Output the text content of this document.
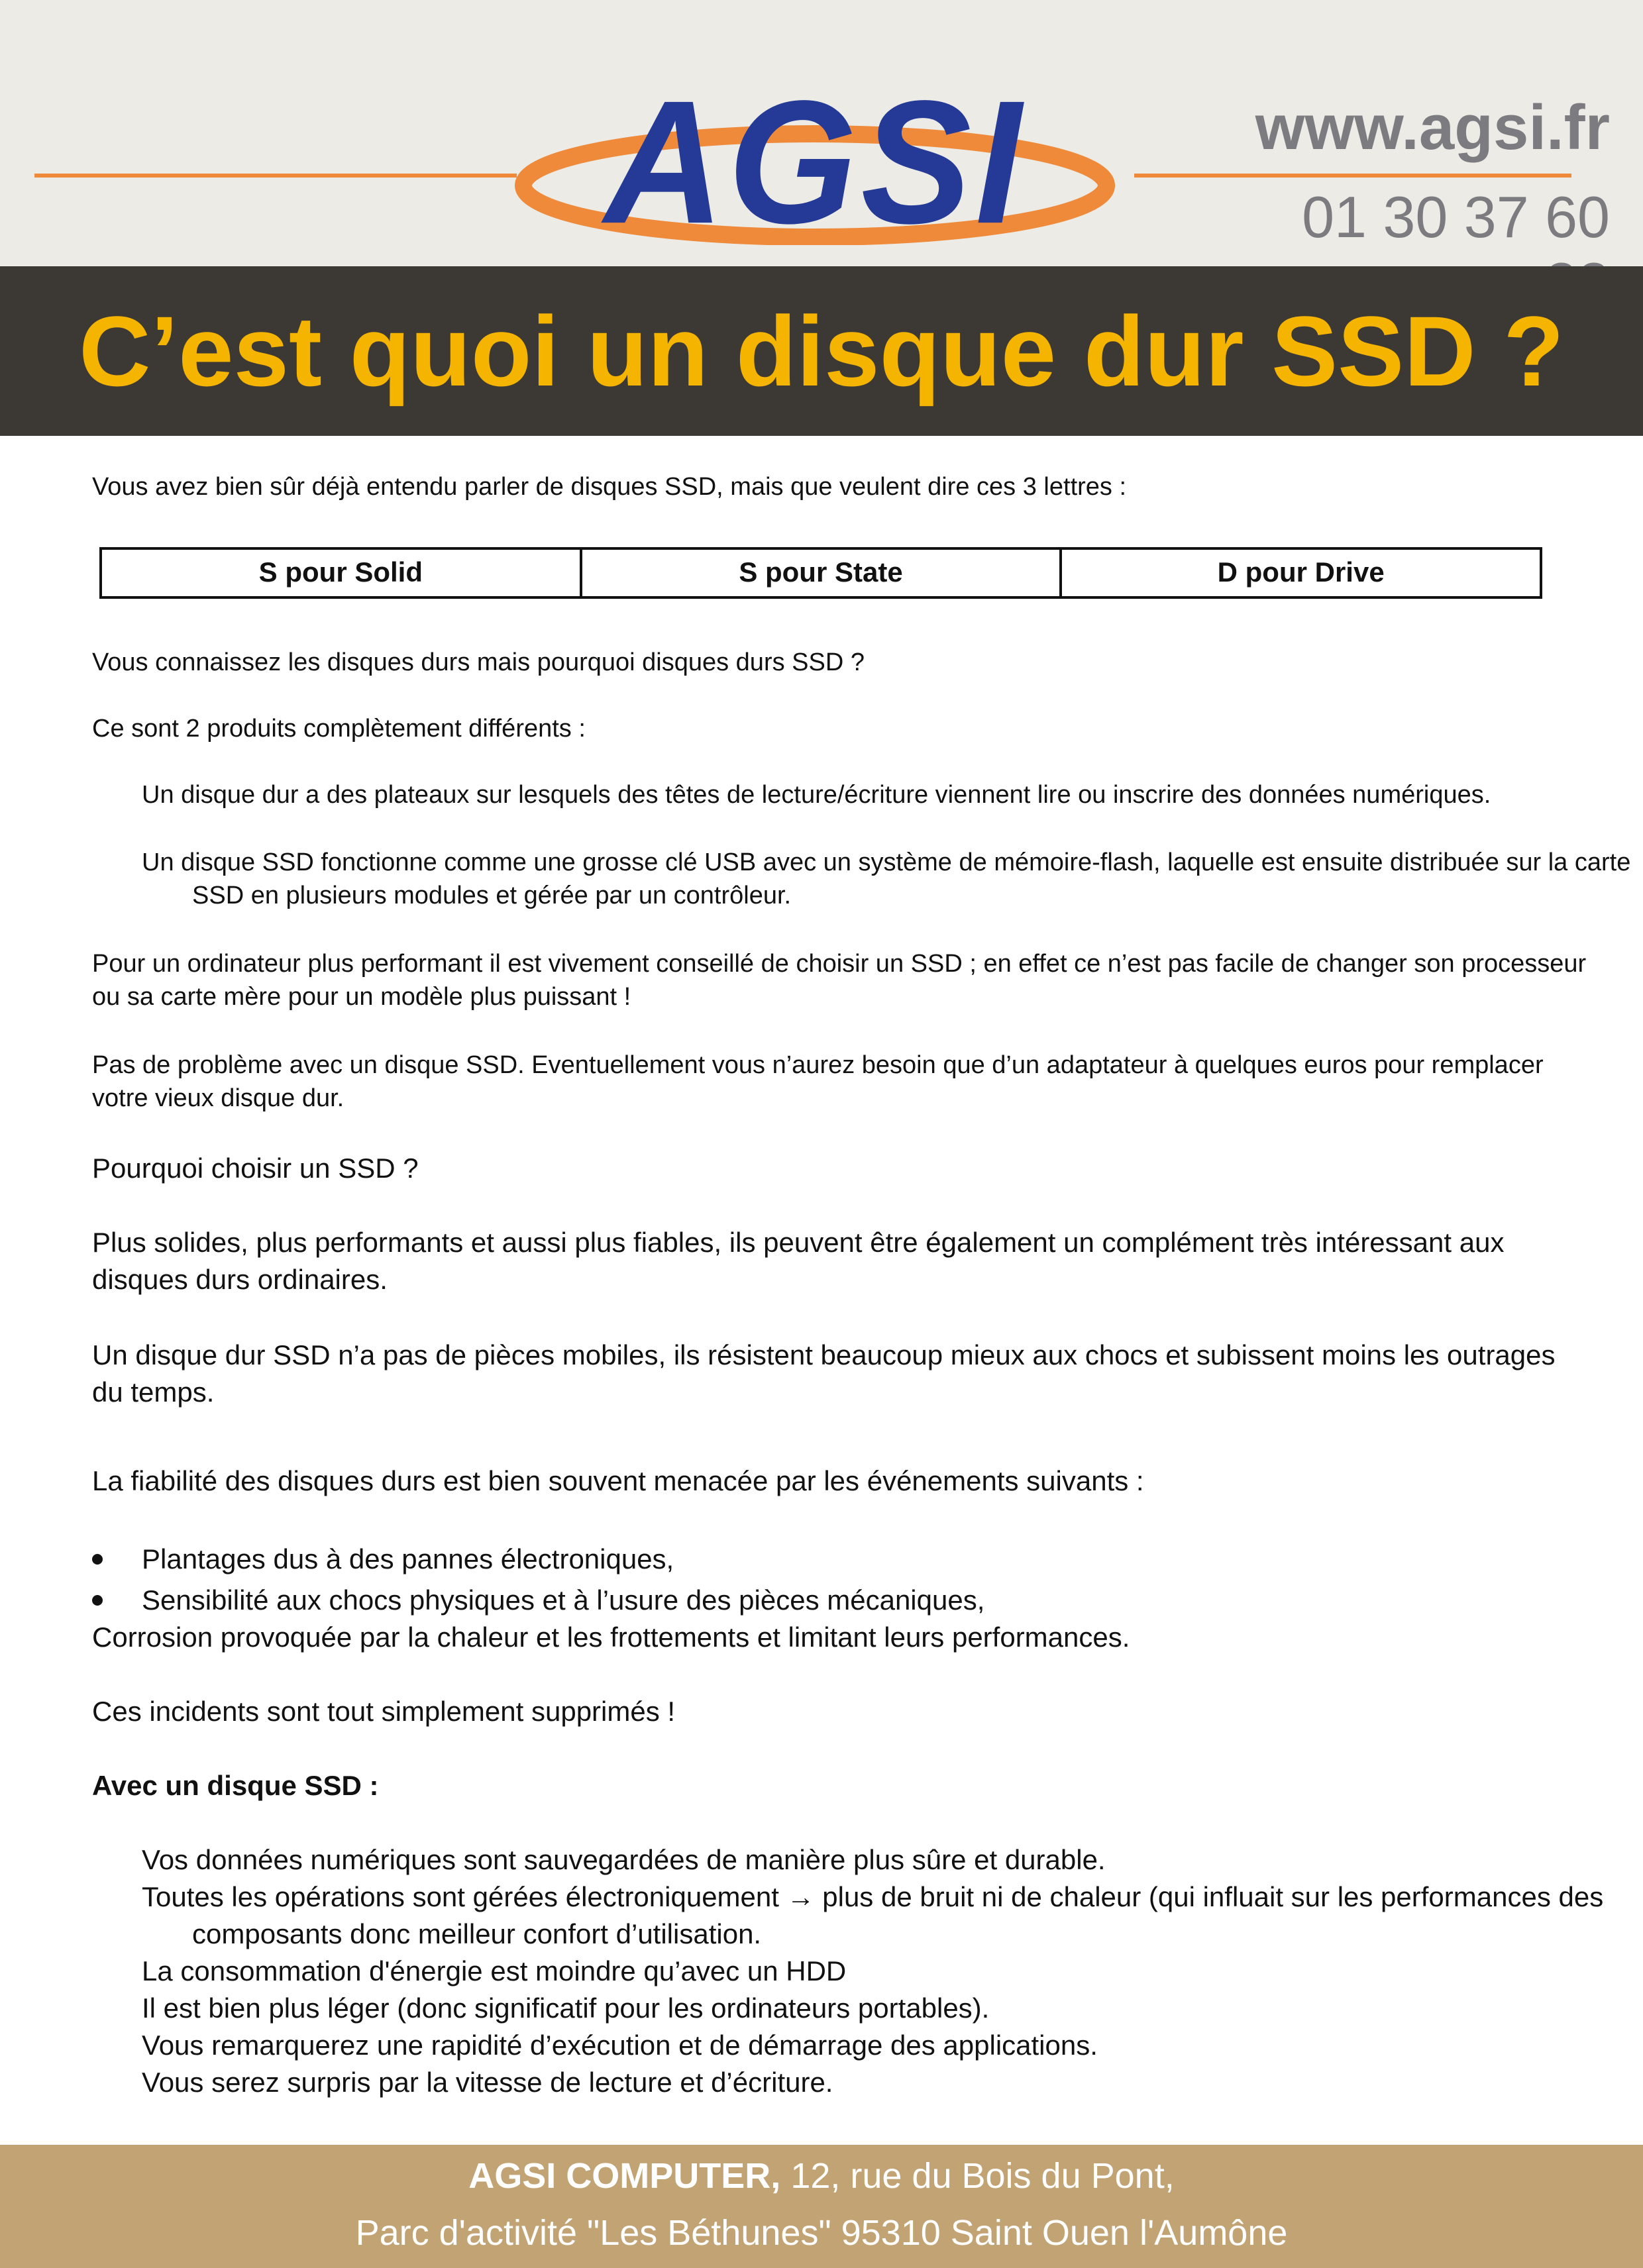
AGSI	www.agsi.fr
01 30 37 60
C’est quoi un disque dur SSD ?

Vous avez bien sûr déjà entendu parler de disques SSD, mais que veulent dire ces 3 lettres :

S pour Solid	S pour State	D pour Drive

Vous connaissez les disques durs mais pourquoi disques durs SSD ?

Ce sont 2 produits complètement différents :

Un disque dur a des plateaux sur lesquels des têtes de lecture/écriture viennent lire ou inscrire des données numériques.

Un disque SSD fonctionne comme une grosse clé USB avec un système de mémoire-flash, laquelle est ensuite distribuée sur la carte SSD en plusieurs modules et gérée par un contrôleur.

Pour un ordinateur plus performant il est vivement conseillé de choisir un SSD ; en effet ce n’est pas facile de changer son processeur ou sa carte mère pour un modèle plus puissant !

Pas de problème avec un disque SSD. Eventuellement vous n’aurez besoin que d’un adaptateur à quelques euros pour remplacer votre vieux disque dur.

Pourquoi choisir un SSD ?

Plus solides, plus performants et aussi plus fiables, ils peuvent être également un complément très intéressant aux disques durs ordinaires.

Un disque dur SSD n’a pas de pièces mobiles, ils résistent beaucoup mieux aux chocs et subissent moins les outrages du temps.

La fiabilité des disques durs est bien souvent menacée par les événements suivants :

Plantages dus à des pannes électroniques,
Sensibilité aux chocs physiques et à l’usure des pièces mécaniques,

Corrosion provoquée par la chaleur et les frottements et limitant leurs performances.

Ces incidents sont tout simplement supprimés !

Avec un disque SSD :

Vos données numériques sont sauvegardées de manière plus sûre et durable.

Toutes les opérations sont gérées électroniquement → plus de bruit ni de chaleur (qui influait sur les performances des composants donc meilleur confort d’utilisation.

La consommation d'énergie est moindre qu’avec un HDD

Il est bien plus léger (donc significatif pour les ordinateurs portables).

Vous remarquerez une rapidité d’exécution et de démarrage des applications.

Vous serez surpris par la vitesse de lecture et d’écriture.

AGSI COMPUTER, 12, rue du Bois du Pont,
Parc d'activité "Les Béthunes" 95310 Saint Ouen l'Aumône
